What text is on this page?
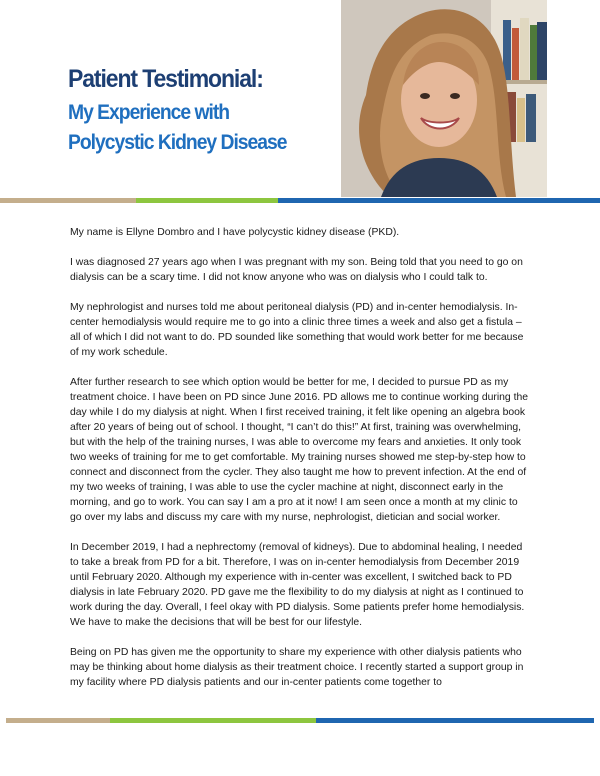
Patient Testimonial:
My Experience with Polycystic Kidney Disease

My name is Ellyne Dombro and I have polycystic kidney disease (PKD).

I was diagnosed 27 years ago when I was pregnant with my son. Being told that you need to go on dialysis can be a scary time. I did not know anyone who was on dialysis who I could talk to.

My nephrologist and nurses told me about peritoneal dialysis (PD) and in-center hemodialysis. In-center hemodialysis would require me to go into a clinic three times a week and also get a fistula – all of which I did not want to do. PD sounded like something that would work better for me because of my work schedule.

After further research to see which option would be better for me, I decided to pursue PD as my treatment choice. I have been on PD since June 2016. PD allows me to continue working during the day while I do my dialysis at night. When I first received training, it felt like opening an algebra book after 20 years of being out of school. I thought, “I can’t do this!” At first, training was overwhelming, but with the help of the training nurses, I was able to overcome my fears and anxieties. It only took two weeks of training for me to get comfortable. My training nurses showed me step-by-step how to connect and disconnect from the cycler. They also taught me how to prevent infection. At the end of my two weeks of training, I was able to use the cycler machine at night, disconnect early in the morning, and go to work. You can say I am a pro at it now! I am seen once a month at my clinic to go over my labs and discuss my care with my nurse, nephrologist, dietician and social worker.

In December 2019, I had a nephrectomy (removal of kidneys). Due to abdominal healing, I needed to take a break from PD for a bit. Therefore, I was on in-center hemodialysis from December 2019 until February 2020. Although my experience with in-center was excellent, I switched back to PD dialysis in late February 2020. PD gave me the flexibility to do my dialysis at night as I continued to work during the day. Overall, I feel okay with PD dialysis. Some patients prefer home hemodialysis. We have to make the decisions that will be best for our lifestyle.

Being on PD has given me the opportunity to share my experience with other dialysis patients who may be thinking about home dialysis as their treatment choice. I recently started a support group in my facility where PD dialysis patients and our in-center patients come together to
